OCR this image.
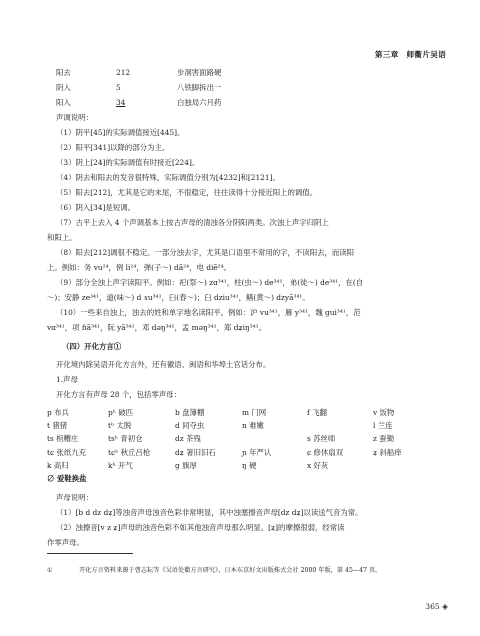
第三章 师衢片吴语
阳去	212	步洞害面路硬
阴入	5	八铁脚拆出一
阳入	34	白独局六月药
声调说明：
（1）阴平[45]的实际调值接近[445]。
（2）阳平[341]以降的部分为主。
（3）阴上[24]的实际调值有时接近[224]。
（4）阴去和阳去的发音很特殊，实际调值分别为[4232]和[2121]。
（5）阳去[212]，尤其是它的末尾，不很稳定，往往读得十分接近阳上的调值。
（6）阴入[34]是短调。
（7）古平上去入 4 个声调基本上按古声母的清浊各分阴阳两类。次浊上声字归阴上
和阳上。
（8）阳去[212]调很不稳定。一部分浊去字，尤其是口语里不常用的字，不读阳去，而读阳
上。例如：务 vu²⁴，例 li²⁴，弹(子～) dã²⁴，电 diẽ²⁴。
（9）部分全浊上声字读阳平。例如：祀(祭～) zɑ³⁴¹，柱(虫～) de³⁴¹，弟(徒～) de³⁴¹，在(自
～)；安静 ze³⁴¹，道(味～) d ɤu³⁴¹，臼(春～)；臼 dziu³⁴¹，鳝(黄～) dzyã³⁴¹。
（10）一些来自浊上，浊去的姓和单字地名读阳平。例如：沪 vu³⁴¹，雁 y³⁴¹，魏 gui³⁴¹，范
vɑ³⁴¹，项 ɦã³⁴¹，阮 yã³⁴¹，邓 dəŋ³⁴¹，孟 məŋ³⁴¹，郑 dʑiŋ³⁴¹。
（四）开化方言①
开化境内除吴语开化方言外，还有徽语、闽语和华埠土官话分布。
1.声母
开化方言有声母 28 个，包括零声母：
p 布兵	pʰ 破匹	b 盘簿棚	m 门网	f 飞翻	v 饭物
t 猪猪	tʰ 太脱	d 同夺虫	n 难嫩	l 兰连
ts 棺糟庄	tsʰ 青初仓	dz 茶残	s 苏丝师	z 蚕锄
tɕ 张纸九充	tɕʰ 秋丘吕枪	dʑ 箸旧旧石	ɲ 年严认	ɕ 修休扇双	ʑ 斜船痒
k 高归	kʰ 开气	g 旗厚	ŋ 硬	x 好灰
∅ 爱鞋换盐
声母说明：
（1）[b d dz dʑ]等浊音声母浊音色彩非常明显，其中浊塞擦音声母[dz dʑ]以读送气音为常。
（2）浊擦音[v z ʑ]声母的浊音色彩不如其他浊音声母那么明显。[ʑ]的摩擦很弱，经常读
作零声母。
①	开化方言资料来源于曹志耘等《吴语处衢方言研究》，日本东京好文出版株式会社 2000 年版，第 45—47 页。
365 ◈
